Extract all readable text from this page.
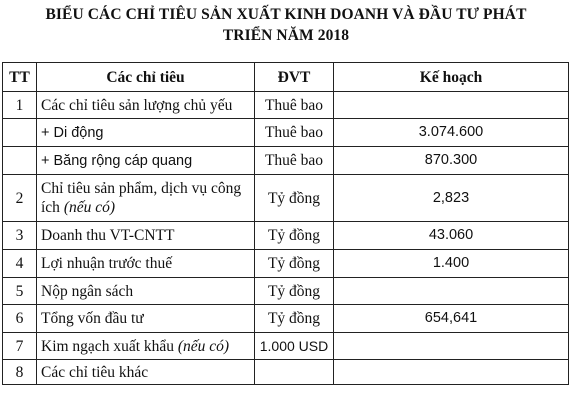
BIỂU CÁC CHỈ TIÊU SẢN XUẤT KINH DOANH VÀ ĐẦU TƯ PHÁT
TRIỂN NĂM 2018
TT	Các chỉ tiêu	ĐVT	Kế hoạch
1	Các chỉ tiêu sản lượng chủ yếu	Thuê bao	
	+ Di động	Thuê bao	3.074.600
	+ Băng rộng cáp quang	Thuê bao	870.300
2	Chỉ tiêu sản phẩm, dịch vụ công ích (nếu có)	Tỷ đồng	2,823
3	Doanh thu VT-CNTT	Tỷ đồng	43.060
4	Lợi nhuận trước thuế	Tỷ đồng	1.400
5	Nộp ngân sách	Tỷ đồng	
6	Tổng vốn đầu tư	Tỷ đồng	654,641
7	Kim ngạch xuất khẩu (nếu có)	1.000 USD	
8	Các chỉ tiêu khác		
